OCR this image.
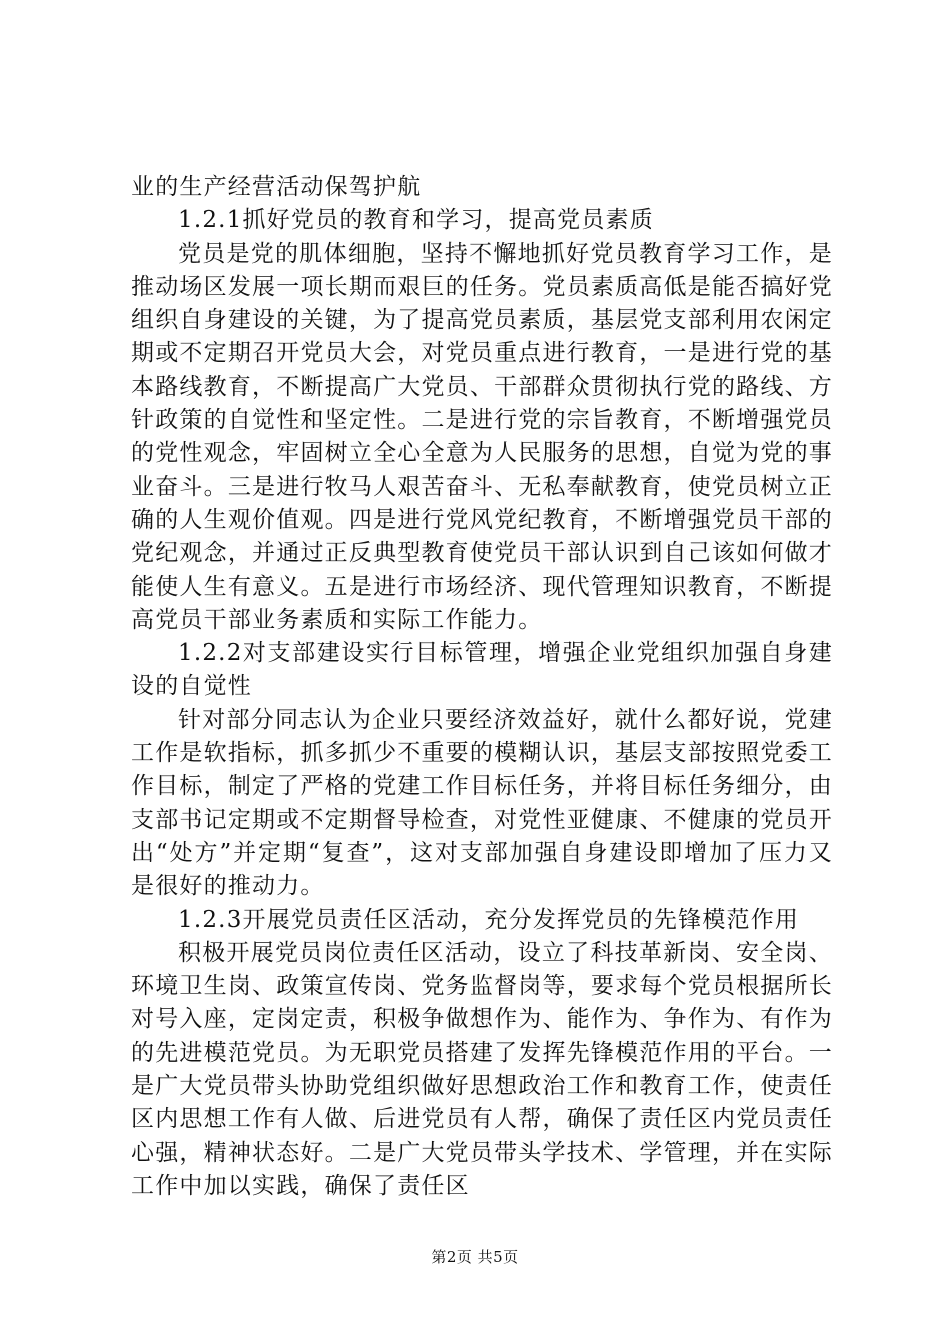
业的生产经营活动保驾护航

1.2.1抓好党员的教育和学习，提高党员素质

党员是党的肌体细胞，坚持不懈地抓好党员教育学习工作，是推动场区发展一项长期而艰巨的任务。党员素质高低是能否搞好党组织自身建设的关键，为了提高党员素质，基层党支部利用农闲定期或不定期召开党员大会，对党员重点进行教育，一是进行党的基本路线教育，不断提高广大党员、干部群众贯彻执行党的路线、方针政策的自觉性和坚定性。二是进行党的宗旨教育，不断增强党员的党性观念，牢固树立全心全意为人民服务的思想，自觉为党的事业奋斗。三是进行牧马人艰苦奋斗、无私奉献教育，使党员树立正确的人生观价值观。四是进行党风党纪教育，不断增强党员干部的党纪观念，并通过正反典型教育使党员干部认识到自己该如何做才能使人生有意义。五是进行市场经济、现代管理知识教育，不断提高党员干部业务素质和实际工作能力。

1.2.2对支部建设实行目标管理，增强企业党组织加强自身建设的自觉性

针对部分同志认为企业只要经济效益好，就什么都好说，党建工作是软指标，抓多抓少不重要的模糊认识，基层支部按照党委工作目标，制定了严格的党建工作目标任务，并将目标任务细分，由支部书记定期或不定期督导检查，对党性亚健康、不健康的党员开出“处方”并定期“复查”，这对支部加强自身建设即增加了压力又是很好的推动力。

1.2.3开展党员责任区活动，充分发挥党员的先锋模范作用

积极开展党员岗位责任区活动，设立了科技革新岗、安全岗、环境卫生岗、政策宣传岗、党务监督岗等，要求每个党员根据所长对号入座，定岗定责，积极争做想作为、能作为、争作为、有作为的先进模范党员。为无职党员搭建了发挥先锋模范作用的平台。一是广大党员带头协助党组织做好思想政治工作和教育工作，使责任区内思想工作有人做、后进党员有人帮，确保了责任区内党员责任心强，精神状态好。二是广大党员带头学技术、学管理，并在实际工作中加以实践，确保了责任区

第2页 共5页
